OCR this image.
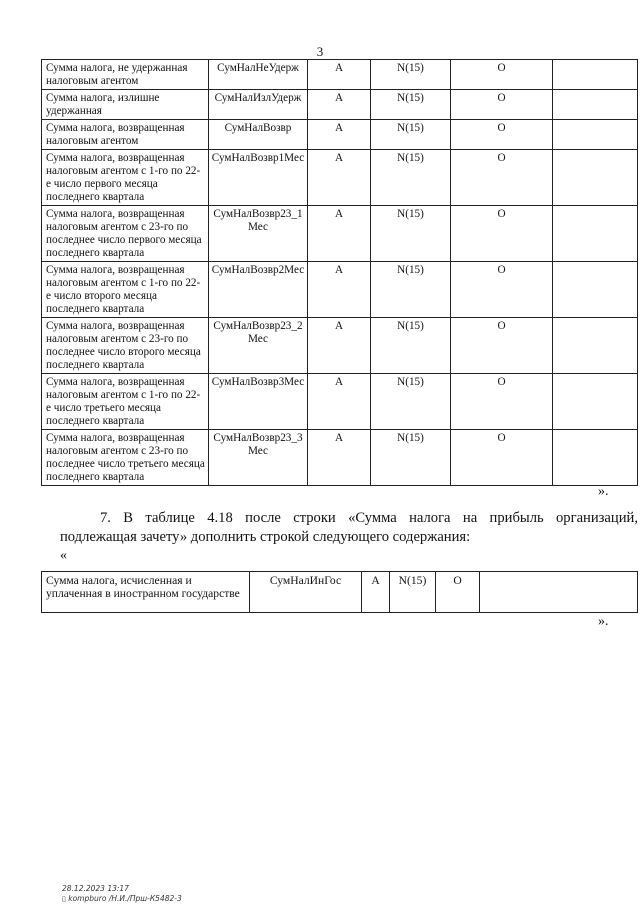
3
Сумма налога, не удержанная налоговым агентом	СумНалНеУдерж	А	N(15)	О	
Сумма налога, излишне удержанная	СумНалИзлУдерж	А	N(15)	О	
Сумма налога, возвращенная налоговым агентом	СумНалВозвр	А	N(15)	О	
Сумма налога, возвращенная налоговым агентом с 1-го по 22-е число первого месяца последнего квартала	СумНалВозвр1Мес	А	N(15)	О	
Сумма налога, возвращенная налоговым агентом с 23-го по последнее число первого месяца последнего квартала	СумНалВозвр23_1Мес	А	N(15)	О	
Сумма налога, возвращенная налоговым агентом с 1-го по 22-е число второго месяца последнего квартала	СумНалВозвр2Мес	А	N(15)	О	
Сумма налога, возвращенная налоговым агентом с 23-го по последнее число второго месяца последнего квартала	СумНалВозвр23_2Мес	А	N(15)	О	
Сумма налога, возвращенная налоговым агентом с 1-го по 22-е число третьего месяца последнего квартала	СумНалВозвр3Мес	А	N(15)	О	
Сумма налога, возвращенная налоговым агентом с 23-го по последнее число третьего месяца последнего квартала	СумНалВозвр23_3Мес	А	N(15)	О	
».
7. В таблице 4.18 после строки «Сумма налога на прибыль организаций,
подлежащая зачету» дополнить строкой следующего содержания:
«
Сумма налога, исчисленная и уплаченная в иностранном государстве	СумНалИнГос	А	N(15)	О	
».
28.12.2023 13:17
▯ kompburo /Н.И./Прш-К5482-3
